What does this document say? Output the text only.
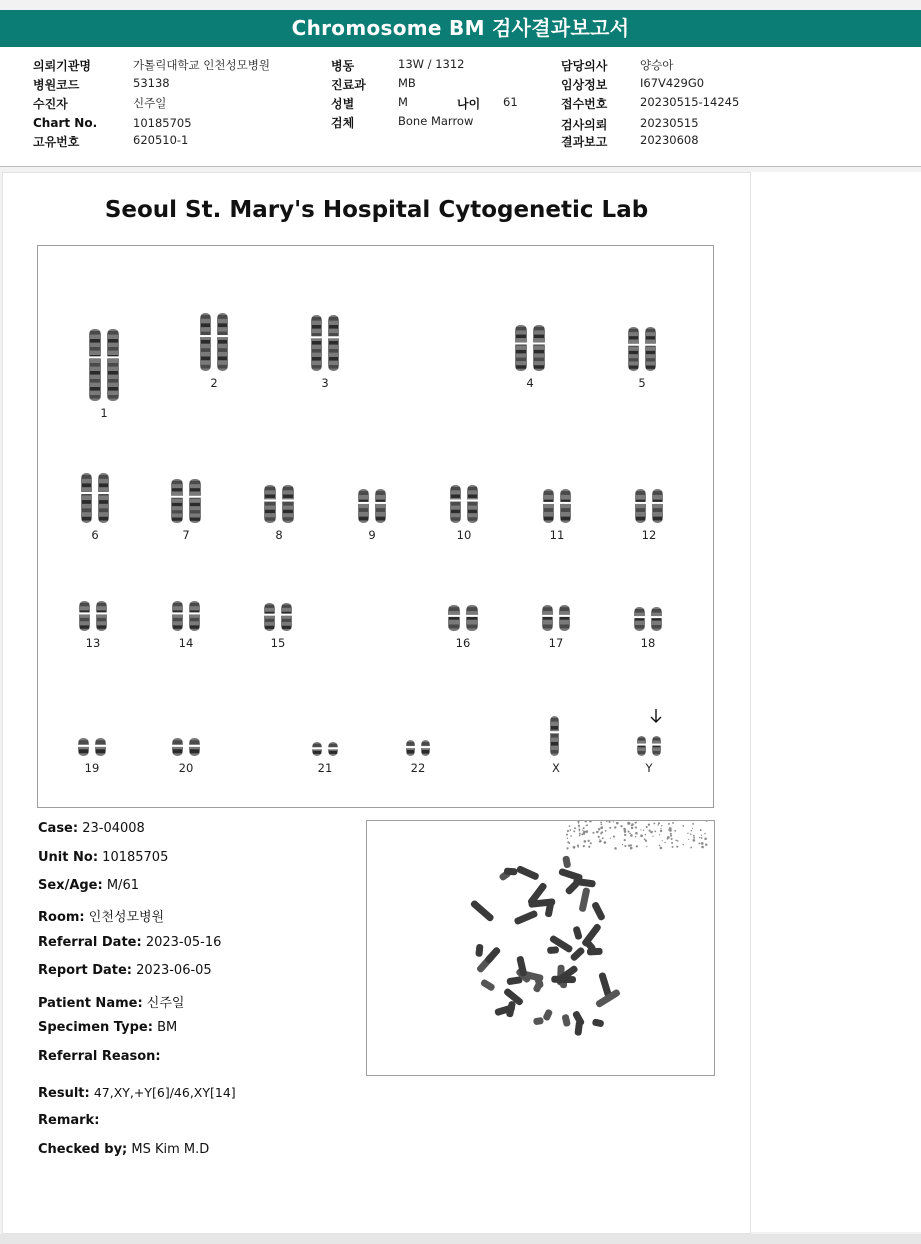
Chromosome BM 검사결과보고서
의뢰기관명	가톨릭대학교 인천성모병원
병원코드	53138
수진자	신주일
Chart No.	10185705
고유번호	620510-1
병동	13W / 1312
진료과	MB
성별	M	나이 61
검체	Bone Marrow
담당의사	양승아
임상정보	I67V429G0
접수번호	20230515-14245
검사의뢰	20230515
결과보고	20230608
Seoul St. Mary's Hospital Cytogenetic Lab
1
2	3	4	5
6	7	8	9	10	11	12
13	14	15	16	17	18
19	20	21	22	X	Y
Case: 23-04008
Unit No: 10185705
Sex/Age: M/61
Room: 인천성모병원
Referral Date: 2023-05-16
Report Date: 2023-06-05
Patient Name: 신주일
Specimen Type: BM
Referral Reason:
Result: 47,XY,+Y[6]/46,XY[14]
Remark:
Checked by; MS Kim M.D
